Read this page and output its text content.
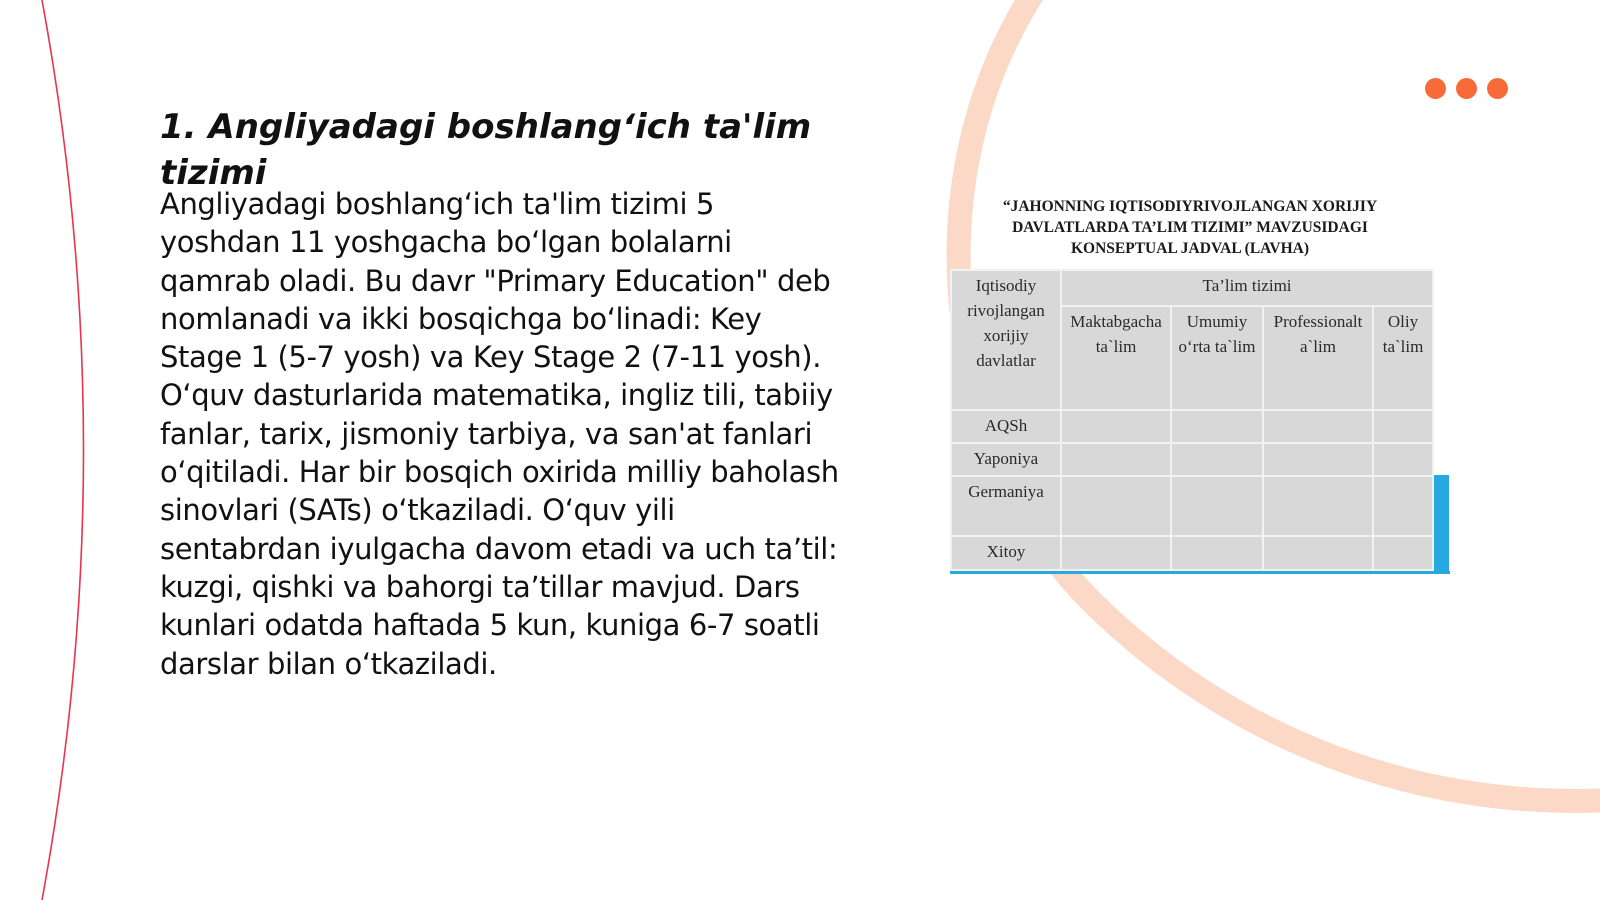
1. Angliyadagi boshlang‘ich ta'lim tizimi

Angliyadagi boshlang‘ich ta'lim tizimi 5 yoshdan 11 yoshgacha bo‘lgan bolalarni qamrab oladi. Bu davr "Primary Education" deb nomlanadi va ikki bosqichga bo‘linadi: Key Stage 1 (5-7 yosh) va Key Stage 2 (7-11 yosh). O‘quv dasturlarida matematika, ingliz tili, tabiiy fanlar, tarix, jismoniy tarbiya, va san'at fanlari o‘qitiladi. Har bir bosqich oxirida milliy baholash sinovlari (SATs) o‘tkaziladi. O‘quv yili sentabrdan iyulgacha davom etadi va uch ta’til: kuzgi, qishki va bahorgi ta’tillar mavjud. Dars kunlari odatda haftada 5 kun, kuniga 6-7 soatli darslar bilan o‘tkaziladi.

“JAHONNING IQTISODIYRIVOJLANGAN XORIJIY
DAVLATLARDA TA’LIM TIZIMI” MAVZUSIDAGI
KONSEPTUAL JADVAL (LAVHA)
Iqtisodiy rivojlangan xorijiy davlatlar	Ta’lim tizimi			
	Maktabgacha ta`lim	Umumiy o‘rta ta`lim	Professionalt a`lim	Oliy ta`lim
AQSh				
Yaponiya				
Germaniya				
Xitoy				
